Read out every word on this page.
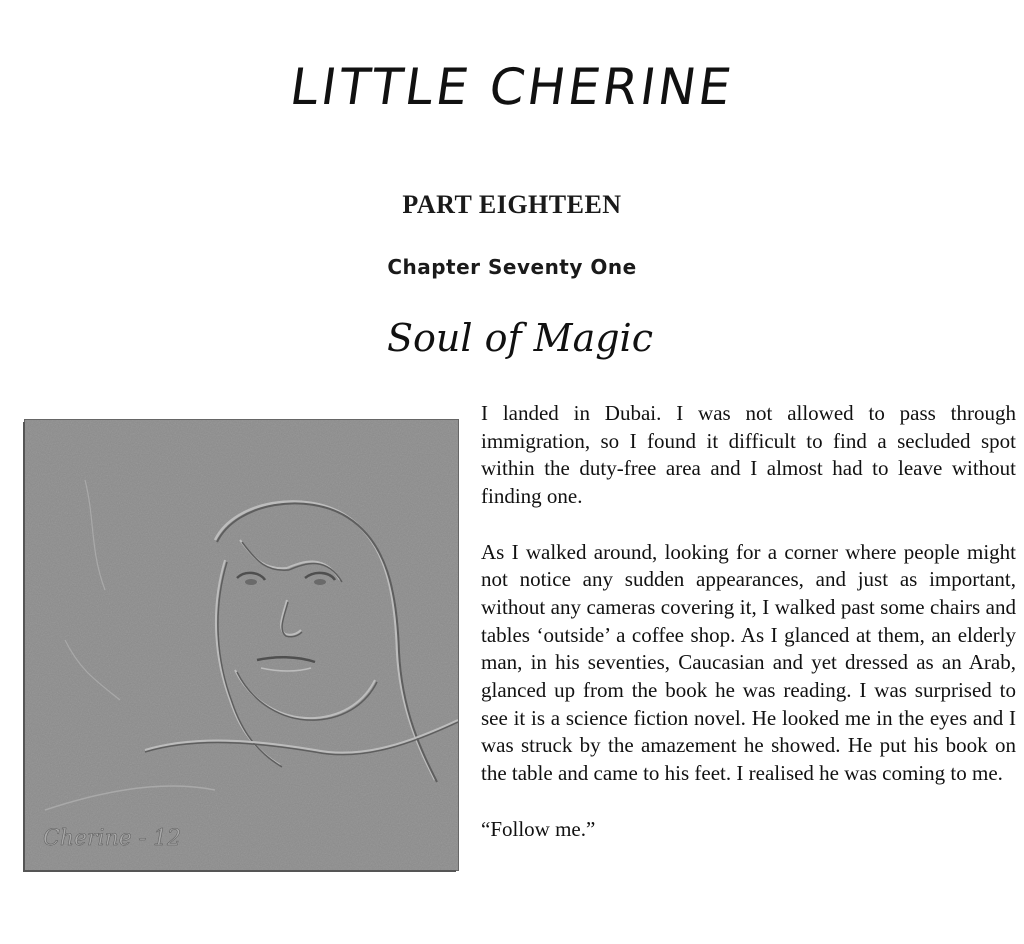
LITTLE CHERINE
PART EIGHTEEN
Chapter Seventy One
Soul of Magic
Cherine - 12

I landed in Dubai. I was not allowed to pass through immigration, so I found it difficult to find a secluded spot within the duty-free area and I almost had to leave without finding one.

As I walked around, looking for a corner where people might not notice any sudden appearances, and just as important, without any cameras covering it, I walked past some chairs and tables ‘outside’ a coffee shop. As I glanced at them, an elderly man, in his seventies, Caucasian and yet dressed as an Arab, glanced up from the book he was reading. I was surprised to see it is a science fiction novel. He looked me in the eyes and I was struck by the amazement he showed. He put his book on the table and came to his feet. I realised he was coming to me.

“Follow me.”
